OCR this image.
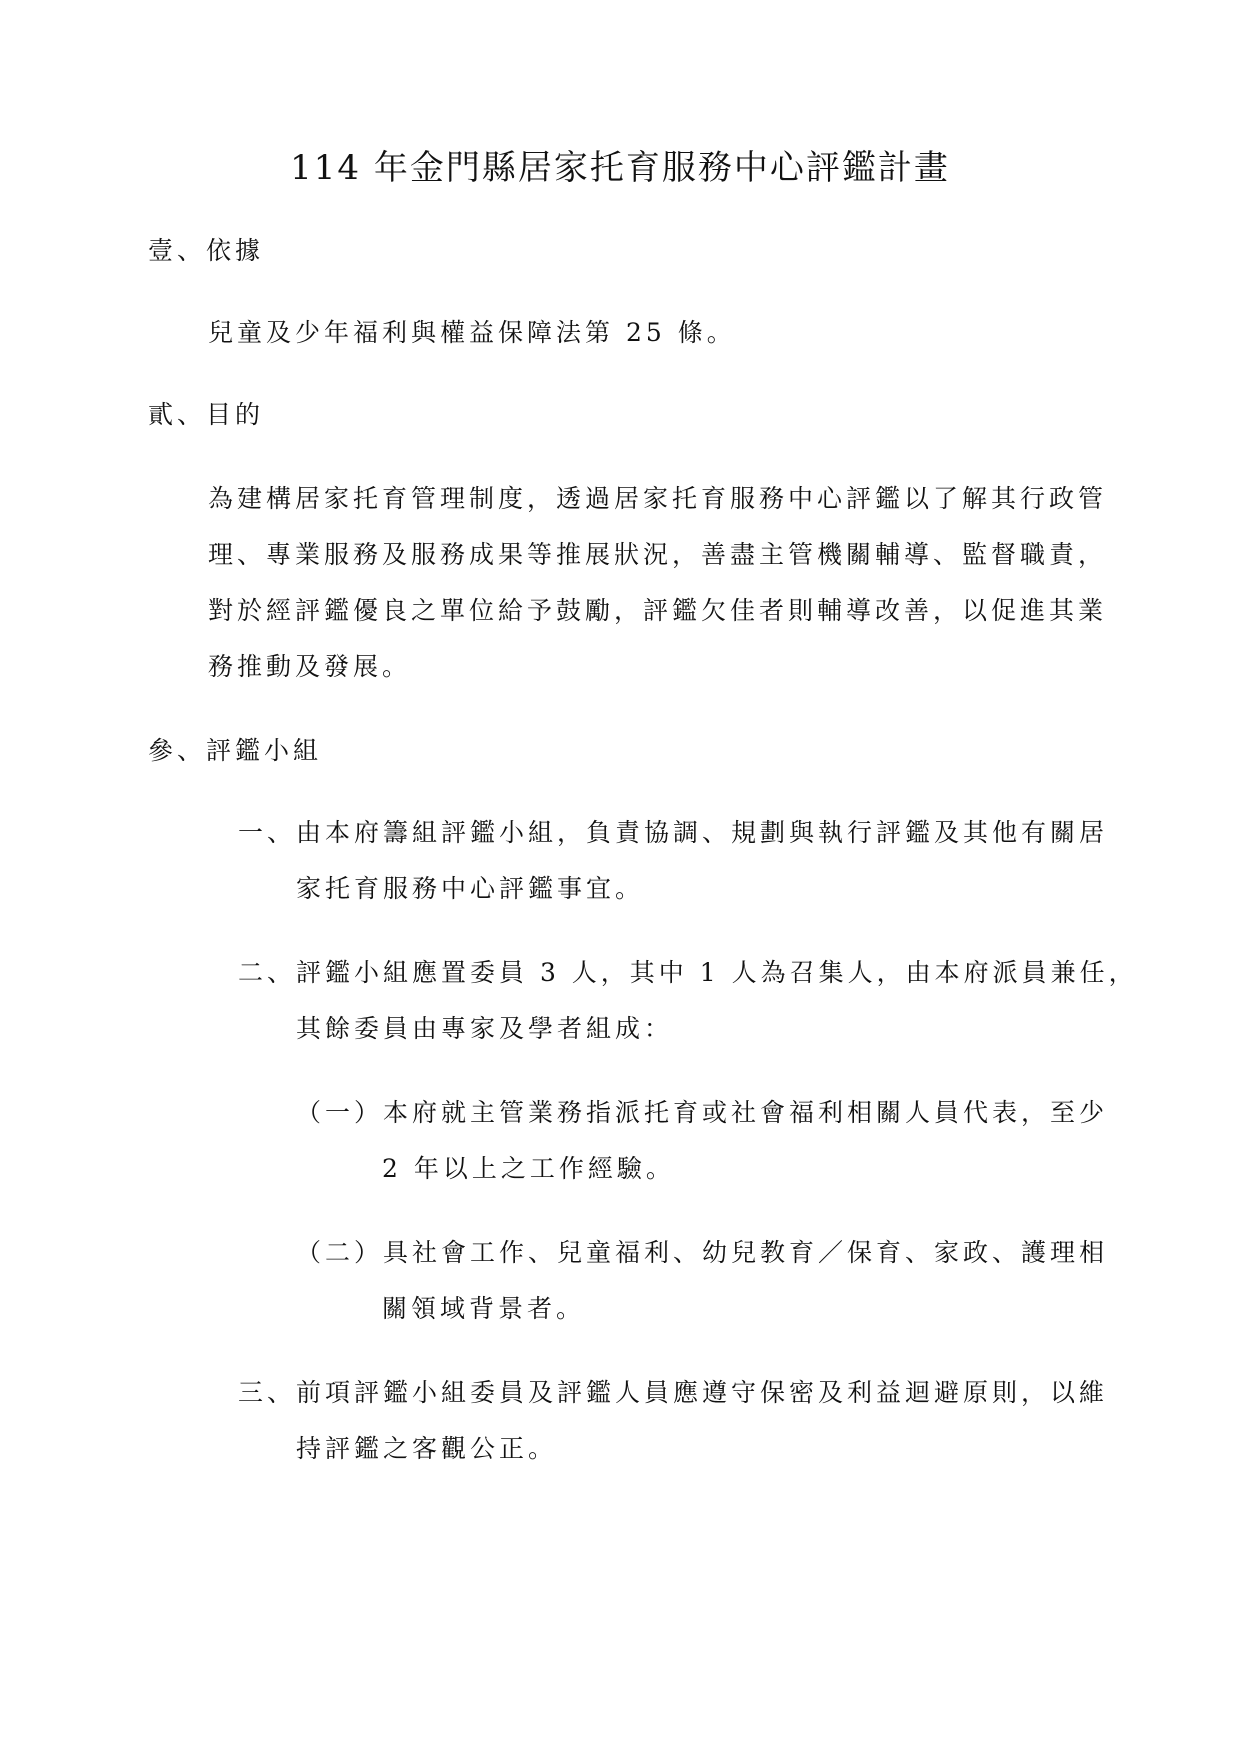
114 年金門縣居家托育服務中心評鑑計畫

壹、依據

兒童及少年福利與權益保障法第 25 條。

貳、目的

為建構居家托育管理制度，透過居家托育服務中心評鑑以了解其行政管

理、專業服務及服務成果等推展狀況，善盡主管機關輔導、監督職責，

對於經評鑑優良之單位給予鼓勵，評鑑欠佳者則輔導改善，以促進其業

務推動及發展。

參、評鑑小組

一、由本府籌組評鑑小組，負責協調、規劃與執行評鑑及其他有關居

家托育服務中心評鑑事宜。

二、評鑑小組應置委員 3 人，其中 1 人為召集人，由本府派員兼任，

其餘委員由專家及學者組成：

（一）本府就主管業務指派托育或社會福利相關人員代表，至少

2 年以上之工作經驗。

（二）具社會工作、兒童福利、幼兒教育／保育、家政、護理相

關領域背景者。

三、前項評鑑小組委員及評鑑人員應遵守保密及利益迴避原則，以維

持評鑑之客觀公正。
